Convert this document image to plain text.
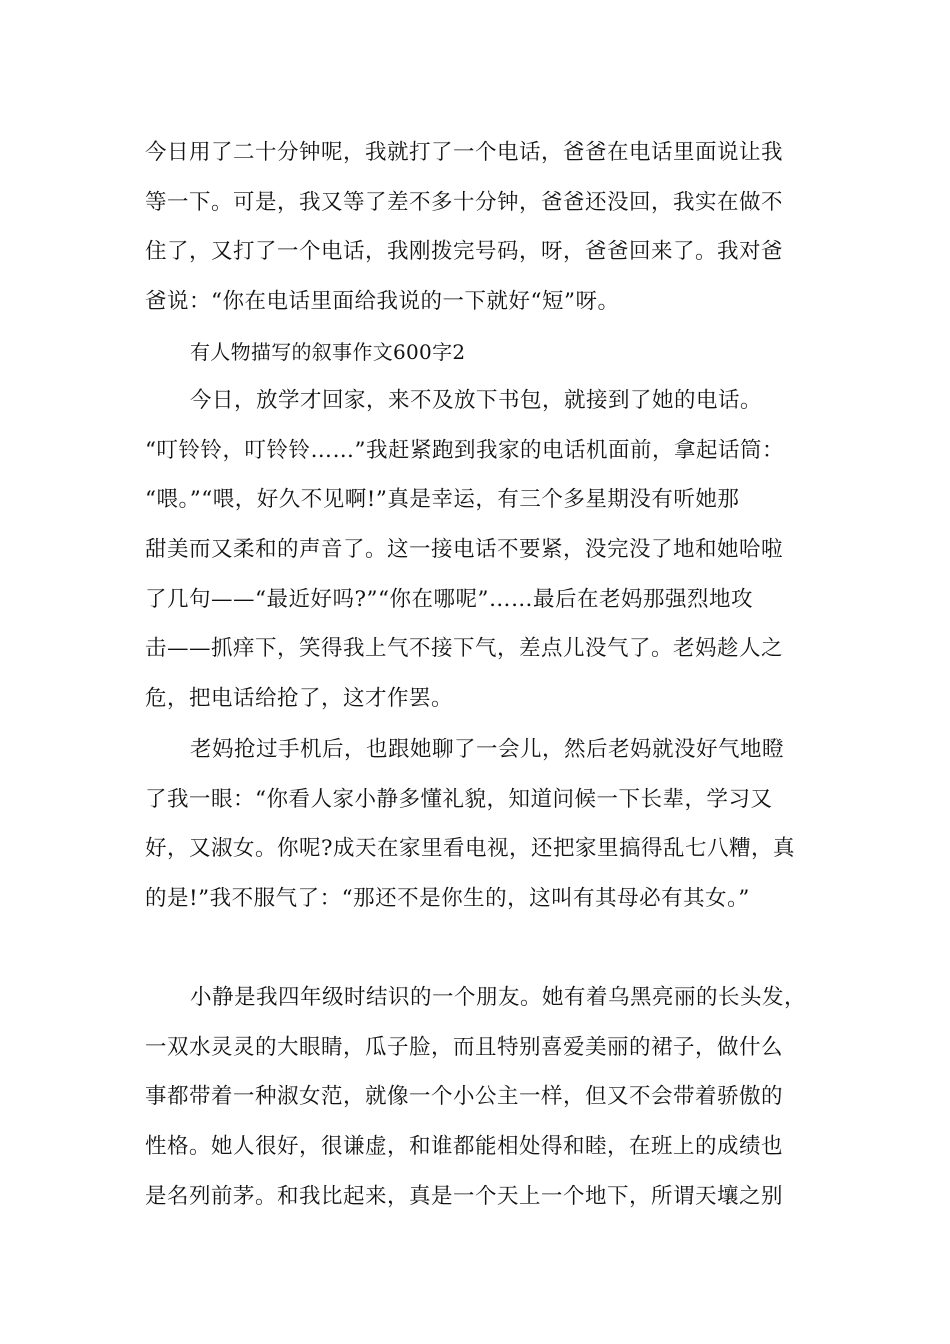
今日用了二十分钟呢，我就打了一个电话，爸爸在电话里面说让我
等一下。可是，我又等了差不多十分钟，爸爸还没回，我实在做不
住了，又打了一个电话，我刚拨完号码，呀，爸爸回来了。我对爸
爸说：“你在电话里面给我说的一下就好“短”呀。
有人物描写的叙事作文600字2
今日，放学才回家，来不及放下书包，就接到了她的电话。
“叮铃铃，叮铃铃……”我赶紧跑到我家的电话机面前，拿起话筒：
“喂。”“喂，好久不见啊!”真是幸运，有三个多星期没有听她那
甜美而又柔和的声音了。这一接电话不要紧，没完没了地和她哈啦
了几句——“最近好吗?”“你在哪呢”……最后在老妈那强烈地攻
击——抓痒下，笑得我上气不接下气，差点儿没气了。老妈趁人之
危，把电话给抢了，这才作罢。
老妈抢过手机后，也跟她聊了一会儿，然后老妈就没好气地瞪
了我一眼：“你看人家小静多懂礼貌，知道问候一下长辈，学习又
好，又淑女。你呢?成天在家里看电视，还把家里搞得乱七八糟，真
的是!”我不服气了：“那还不是你生的，这叫有其母必有其女。”
小静是我四年级时结识的一个朋友。她有着乌黑亮丽的长头发，
一双水灵灵的大眼睛，瓜子脸，而且特别喜爱美丽的裙子，做什么
事都带着一种淑女范，就像一个小公主一样，但又不会带着骄傲的
性格。她人很好，很谦虚，和谁都能相处得和睦，在班上的成绩也
是名列前茅。和我比起来，真是一个天上一个地下，所谓天壤之别
